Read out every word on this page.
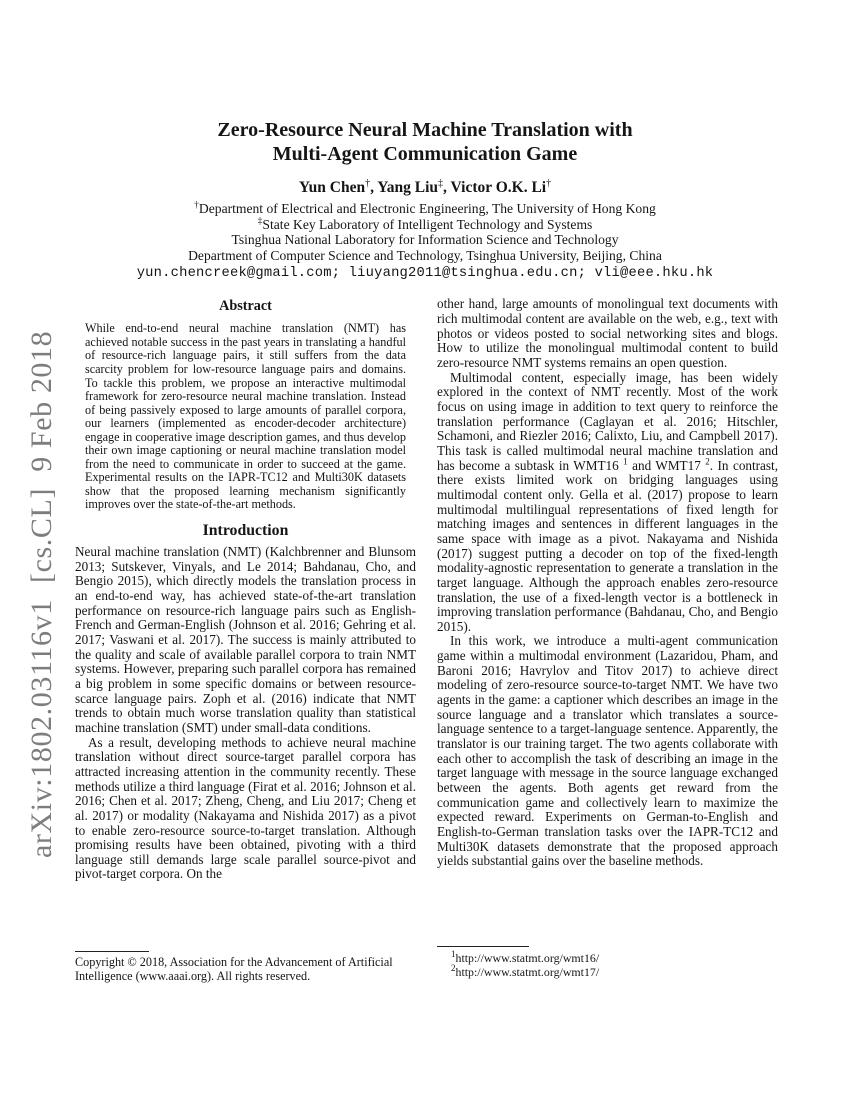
arXiv:1802.03116v1  [cs.CL]  9 Feb 2018
Zero-Resource Neural Machine Translation with
Multi-Agent Communication Game
Yun Chen†, Yang Liu‡, Victor O.K. Li†
†Department of Electrical and Electronic Engineering, The University of Hong Kong
‡State Key Laboratory of Intelligent Technology and Systems
Tsinghua National Laboratory for Information Science and Technology
Department of Computer Science and Technology, Tsinghua University, Beijing, China
yun.chencreek@gmail.com; liuyang2011@tsinghua.edu.cn; vli@eee.hku.hk
Abstract

While end-to-end neural machine translation (NMT) has achieved notable success in the past years in translating a handful of resource-rich language pairs, it still suffers from the data scarcity problem for low-resource language pairs and domains. To tackle this problem, we propose an interactive multimodal framework for zero-resource neural machine translation. Instead of being passively exposed to large amounts of parallel corpora, our learners (implemented as encoder-decoder architecture) engage in cooperative image description games, and thus develop their own image captioning or neural machine translation model from the need to communicate in order to succeed at the game. Experimental results on the IAPR-TC12 and Multi30K datasets show that the proposed learning mechanism significantly improves over the state-of-the-art methods.

Introduction

Neural machine translation (NMT) (Kalchbrenner and Blunsom 2013; Sutskever, Vinyals, and Le 2014; Bahdanau, Cho, and Bengio 2015), which directly models the translation process in an end-to-end way, has achieved state-of-the-art translation performance on resource-rich language pairs such as English-French and German-English (Johnson et al. 2016; Gehring et al. 2017; Vaswani et al. 2017). The success is mainly attributed to the quality and scale of available parallel corpora to train NMT systems. However, preparing such parallel corpora has remained a big problem in some specific domains or between resource-scarce language pairs. Zoph et al. (2016) indicate that NMT trends to obtain much worse translation quality than statistical machine translation (SMT) under small-data conditions.

As a result, developing methods to achieve neural machine translation without direct source-target parallel corpora has attracted increasing attention in the community recently. These methods utilize a third language (Firat et al. 2016; Johnson et al. 2016; Chen et al. 2017; Zheng, Cheng, and Liu 2017; Cheng et al. 2017) or modality (Nakayama and Nishida 2017) as a pivot to enable zero-resource source-to-target translation. Although promising results have been obtained, pivoting with a third language still demands large scale parallel source-pivot and pivot-target corpora. On the

Copyright © 2018, Association for the Advancement of Artificial Intelligence (www.aaai.org). All rights reserved.

other hand, large amounts of monolingual text documents with rich multimodal content are available on the web, e.g., text with photos or videos posted to social networking sites and blogs. How to utilize the monolingual multimodal content to build zero-resource NMT systems remains an open question.

Multimodal content, especially image, has been widely explored in the context of NMT recently. Most of the work focus on using image in addition to text query to reinforce the translation performance (Caglayan et al. 2016; Hitschler, Schamoni, and Riezler 2016; Calixto, Liu, and Campbell 2017). This task is called multimodal neural machine translation and has become a subtask in WMT16 $^1$ and WMT17 $^2$. In contrast, there exists limited work on bridging languages using multimodal content only. Gella et al. (2017) propose to learn multimodal multilingual representations of fixed length for matching images and sentences in different languages in the same space with image as a pivot. Nakayama and Nishida (2017) suggest putting a decoder on top of the fixed-length modality-agnostic representation to generate a translation in the target language. Although the approach enables zero-resource translation, the use of a fixed-length vector is a bottleneck in improving translation performance (Bahdanau, Cho, and Bengio 2015).

In this work, we introduce a multi-agent communication game within a multimodal environment (Lazaridou, Pham, and Baroni 2016; Havrylov and Titov 2017) to achieve direct modeling of zero-resource source-to-target NMT. We have two agents in the game: a captioner which describes an image in the source language and a translator which translates a source-language sentence to a target-language sentence. Apparently, the translator is our training target. The two agents collaborate with each other to accomplish the task of describing an image in the target language with message in the source language exchanged between the agents. Both agents get reward from the communication game and collectively learn to maximize the expected reward. Experiments on German-to-English and English-to-German translation tasks over the IAPR-TC12 and Multi30K datasets demonstrate that the proposed approach yields substantial gains over the baseline methods.

$^1$http://www.statmt.org/wmt16/

$^2$http://www.statmt.org/wmt17/
